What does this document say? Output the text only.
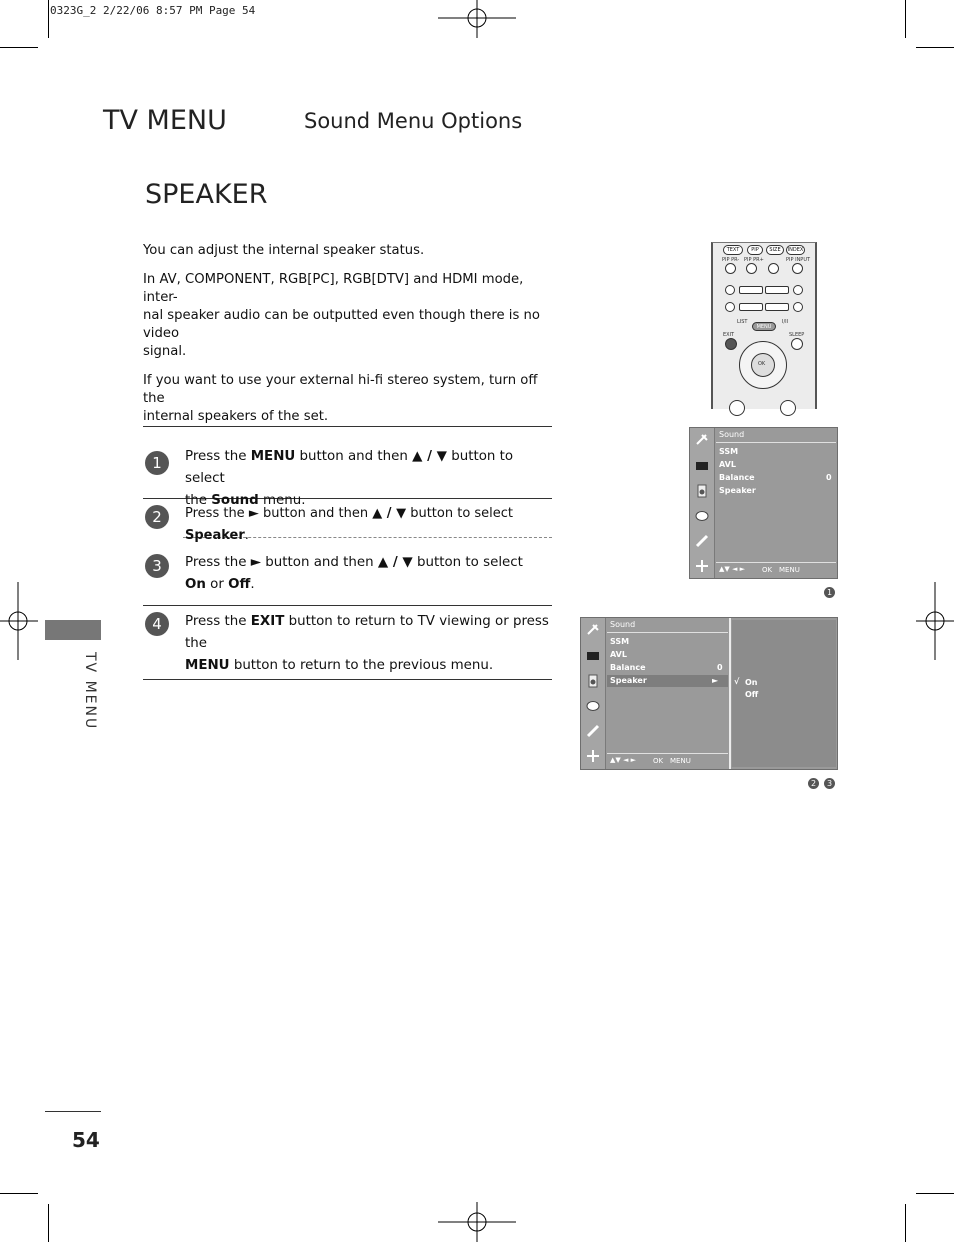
0323G_2 2/22/06 8:57 PM Page 54
TV MENU	Sound Menu Options
SPEAKER
You can adjust the internal speaker status.
In AV, COMPONENT, RGB[PC], RGB[DTV] and HDMI mode, inter-
nal speaker audio can be outputted even though there is no video
signal.
If you want to use your external hi-fi stereo system, turn off the
internal speakers of the set.
1	Press the MENU button and then ▲ / ▼ button to select
the Sound menu.
2	Press the ► button and then ▲ / ▼ button to select Speaker.
3	Press the ► button and then ▲ / ▼ button to select
On or Off.
4	Press the EXIT button to return to TV viewing or press the
MENU button to return to the previous menu.
TV MENU
54
TEXT	PIP	SIZE	INDEX
PIP PR- PIP PR+	PIP INPUT
LIST	I/II
MENU
EXIT	SLEEP
OK
Sound
SSM
AVL
Balance	0
Speaker
▲▼ ◄ ► OK MENU
1
Sound
SSM
AVL
Balance	0
Speaker	►
▲▼ ◄ ► OK MENU
√ On
Off
2	3
